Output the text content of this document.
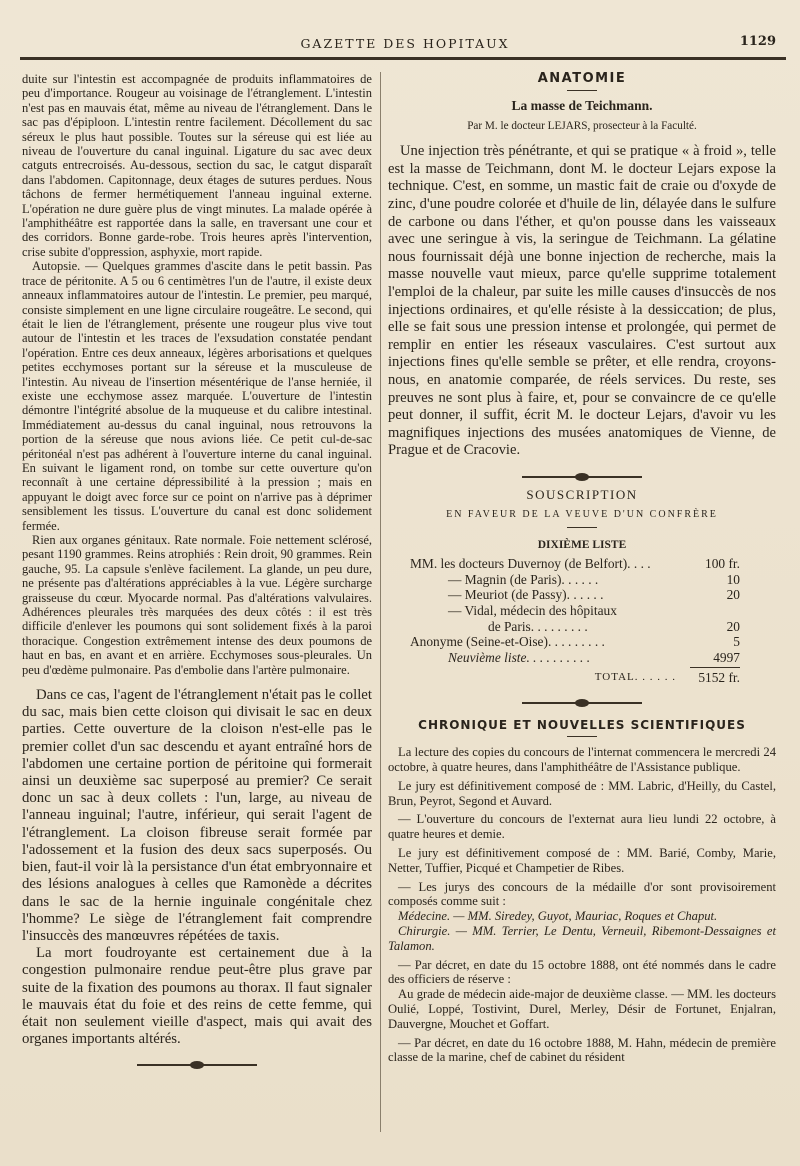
GAZETTE DES HOPITAUX	1129

duite sur l'intestin est accompagnée de produits inflammatoires de peu d'importance. Rougeur au voisinage de l'étranglement. L'intestin n'est pas en mauvais état, même au niveau de l'étranglement. Dans le sac pas d'épiploon. L'intestin rentre facilement. Décollement du sac séreux le plus haut possible. Toutes sur la séreuse qui est liée au niveau de l'ouverture du canal inguinal. Ligature du sac avec deux catguts entrecroisés. Au-dessous, section du sac, le catgut disparaît dans l'abdomen. Capitonnage, deux étages de sutures perdues. Nous tâchons de fermer hermétiquement l'anneau inguinal externe. L'opération ne dure guère plus de vingt minutes. La malade opérée à l'amphithéâtre est rapportée dans la salle, en traversant une cour et des corridors. Bonne garde-robe. Trois heures après l'intervention, crise subite d'oppression, asphyxie, mort rapide.

Autopsie. — Quelques grammes d'ascite dans le petit bassin. Pas trace de péritonite. A 5 ou 6 centimètres l'un de l'autre, il existe deux anneaux inflammatoires autour de l'intestin. Le premier, peu marqué, consiste simplement en une ligne circulaire rougeâtre. Le second, qui était le lien de l'étranglement, présente une rougeur plus vive tout autour de l'intestin et les traces de l'exsudation constatée pendant l'opération. Entre ces deux anneaux, légères arborisations et quelques petites ecchymoses portant sur la séreuse et la musculeuse de l'intestin. Au niveau de l'insertion mésentérique de l'anse herniée, il existe une ecchymose assez marquée. L'ouverture de l'intestin démontre l'intégrité absolue de la muqueuse et du calibre intestinal. Immédiatement au-dessus du canal inguinal, nous retrouvons la portion de la séreuse que nous avions liée. Ce petit cul-de-sac péritonéal n'est pas adhérent à l'ouverture interne du canal inguinal. En suivant le ligament rond, on tombe sur cette ouverture qu'on reconnaît à une certaine dépressibilité à la pression ; mais en appuyant le doigt avec force sur ce point on n'arrive pas à déprimer sensiblement les tissus. L'ouverture du canal est donc solidement fermée.

Rien aux organes génitaux. Rate normale. Foie nettement sclérosé, pesant 1190 grammes. Reins atrophiés : Rein droit, 90 grammes. Rein gauche, 95. La capsule s'enlève facilement. La glande, un peu dure, ne présente pas d'altérations appréciables à la vue. Légère surcharge graisseuse du cœur. Myocarde normal. Pas d'altérations valvulaires. Adhérences pleurales très marquées des deux côtés : il est très difficile d'enlever les poumons qui sont solidement fixés à la paroi thoracique. Congestion extrêmement intense des deux poumons de haut en bas, en avant et en arrière. Ecchymoses sous-pleurales. Un peu d'œdème pulmonaire. Pas d'embolie dans l'artère pulmonaire.

Dans ce cas, l'agent de l'étranglement n'était pas le collet du sac, mais bien cette cloison qui divisait le sac en deux parties. Cette ouverture de la cloison n'est-elle pas le premier collet d'un sac descendu et ayant entraîné hors de l'abdomen une certaine portion de péritoine qui formerait ainsi un deuxième sac superposé au premier? Ce serait donc un sac à deux collets : l'un, large, au niveau de l'anneau inguinal; l'autre, inférieur, qui serait l'agent de l'étranglement. La cloison fibreuse serait formée par l'adossement et la fusion des deux sacs superposés. Ou bien, faut-il voir là la persistance d'un état embryonnaire et des lésions analogues à celles que Ramonède a décrites dans le sac de la hernie inguinale congénitale chez l'homme? Le siège de l'étranglement fait comprendre l'insuccès des manœuvres répétées de taxis.

La mort foudroyante est certainement due à la congestion pulmonaire rendue peut-être plus grave par suite de la fixation des poumons au thorax. Il faut signaler le mauvais état du foie et des reins de cette femme, qui était non seulement vieille d'aspect, mais qui avait des organes importants altérés.

ANATOMIE
La masse de Teichmann.
Par M. le docteur LEJARS, prosecteur à la Faculté.

Une injection très pénétrante, et qui se pratique « à froid », telle est la masse de Teichmann, dont M. le docteur Lejars expose la technique. C'est, en somme, un mastic fait de craie ou d'oxyde de zinc, d'une poudre colorée et d'huile de lin, délayée dans le sulfure de carbone ou dans l'éther, et qu'on pousse dans les vaisseaux avec une seringue à vis, la seringue de Teichmann. La gélatine nous fournissait déjà une bonne injection de recherche, mais la masse nouvelle vaut mieux, parce qu'elle supprime totalement l'emploi de la chaleur, par suite les mille causes d'insuccès de nos injections ordinaires, et qu'elle résiste à la dessiccation; de plus, elle se fait sous une pression intense et prolongée, qui permet de remplir en entier les réseaux vasculaires. C'est surtout aux injections fines qu'elle semble se prêter, et elle rendra, croyons-nous, en anatomie comparée, de réels services. Du reste, ses preuves ne sont plus à faire, et, pour se convaincre de ce qu'elle peut donner, il suffit, écrit M. le docteur Lejars, d'avoir vu les magnifiques injections des musées anatomiques de Vienne, de Prague et de Cracovie.

SOUSCRIPTION
EN FAVEUR DE LA VEUVE D'UN CONFRÈRE
DIXIÈME LISTE
MM. les docteurs Duvernoy (de Belfort). . . .	100 fr.
— Magnin (de Paris). . . . . .	10
— Meuriot (de Passy). . . . . .	20
— Vidal, médecin des hôpitaux
de Paris. . . . . . . . .	20
Anonyme (Seine-et-Oise). . . . . . . . .	5
Neuvième liste. . . . . . . . . .	4997
TOTAL. . . . . .	5152 fr.
CHRONIQUE ET NOUVELLES SCIENTIFIQUES

La lecture des copies du concours de l'internat commencera le mercredi 24 octobre, à quatre heures, dans l'amphithéâtre de l'Assistance publique.

Le jury est définitivement composé de : MM. Labric, d'Heilly, du Castel, Brun, Peyrot, Segond et Auvard.

— L'ouverture du concours de l'externat aura lieu lundi 22 octobre, à quatre heures et demie.

Le jury est définitivement composé de : MM. Barié, Comby, Marie, Netter, Tuffier, Picqué et Champetier de Ribes.

— Les jurys des concours de la médaille d'or sont provisoirement composés comme suit :

Médecine. — MM. Siredey, Guyot, Mauriac, Roques et Chaput.

Chirurgie. — MM. Terrier, Le Dentu, Verneuil, Ribemont-Dessaignes et Talamon.

— Par décret, en date du 15 octobre 1888, ont été nommés dans le cadre des officiers de réserve :

Au grade de médecin aide-major de deuxième classe. — MM. les docteurs Oulié, Loppé, Tostivint, Durel, Merley, Désir de Fortunet, Enjalran, Dauvergne, Mouchet et Goffart.

— Par décret, en date du 16 octobre 1888, M. Hahn, médecin de première classe de la marine, chef de cabinet du résident
